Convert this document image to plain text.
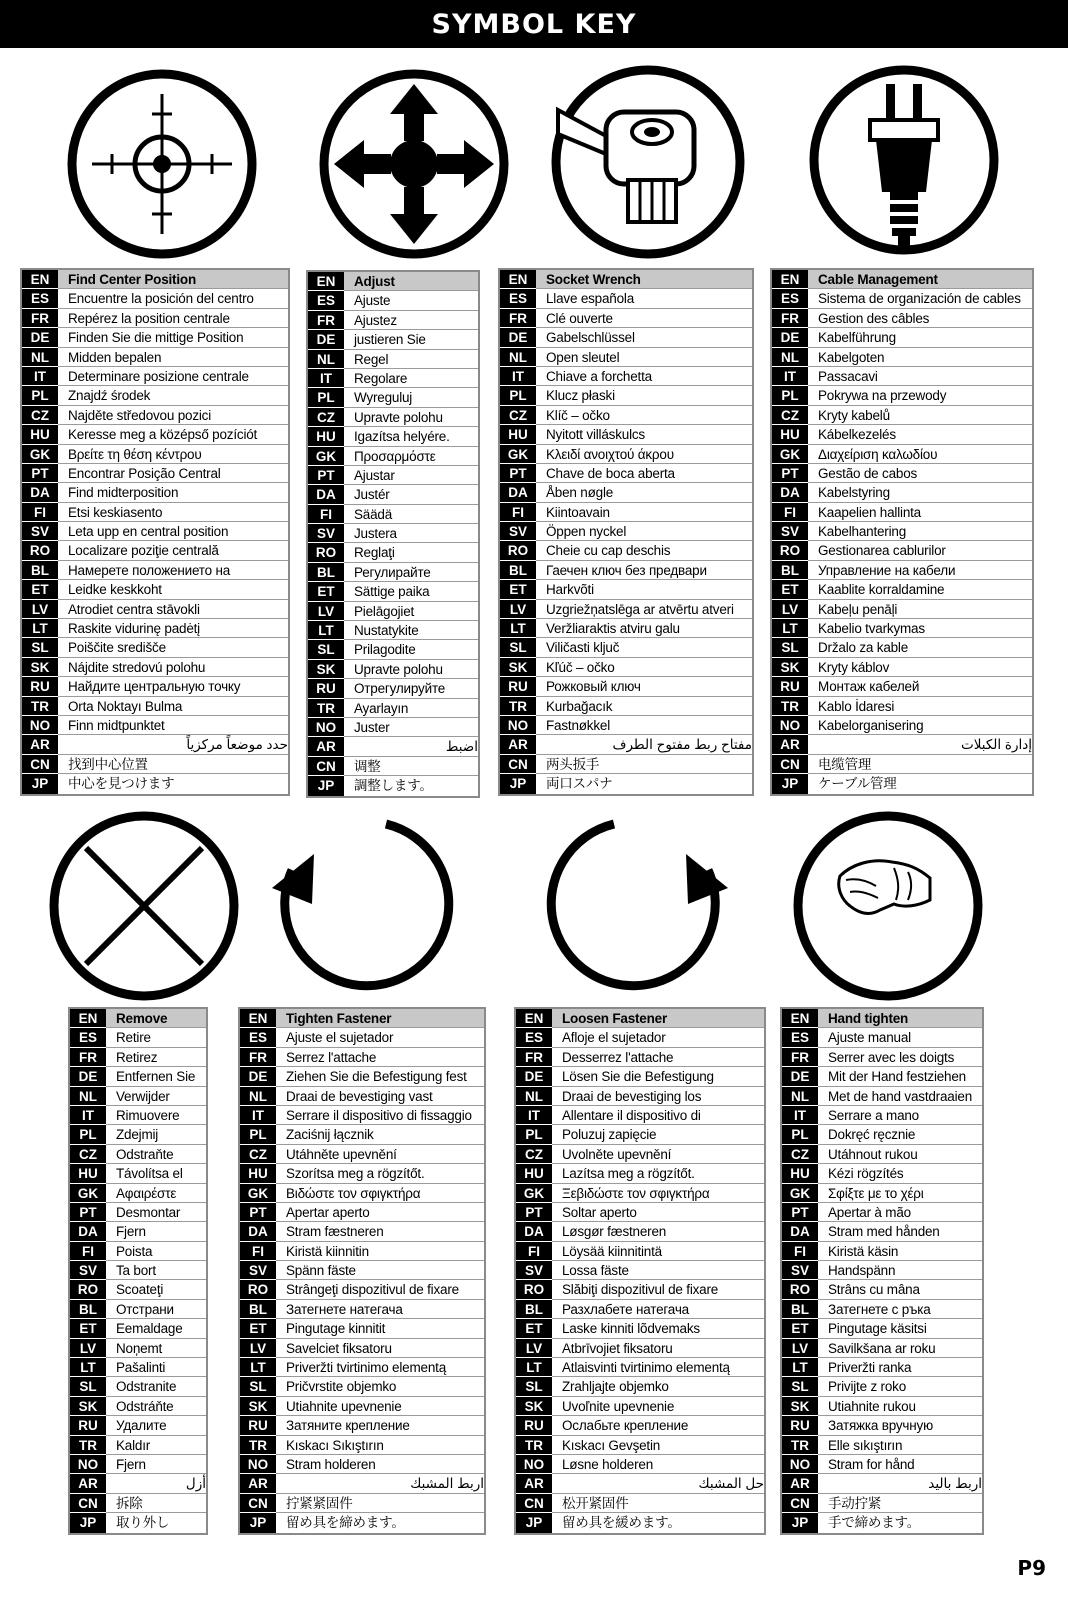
SYMBOL KEY
EN	Find Center Position
ES	Encuentre la posición del centro
FR	Repérez la position centrale
DE	Finden Sie die mittige Position
NL	Midden bepalen
IT	Determinare posizione centrale
PL	Znajdź środek
CZ	Najděte středovou pozici
HU	Keresse meg a középső pozíciót
GK	Βρείτε τη θέση κέντρου
PT	Encontrar Posição Central
DA	Find midterposition
FI	Etsi keskiasento
SV	Leta upp en central position
RO	Localizare poziţie centrală
BL	Намерете положението на
ET	Leidke keskkoht
LV	Atrodiet centra stāvokli
LT	Raskite vidurinę padėtį
SL	Poiščite središče
SK	Nájdite stredovú polohu
RU	Найдите центральную точку
TR	Orta Noktayı Bulma
NO	Finn midtpunktet
AR	حدد موضعاً مركزياً
CN	找到中心位置
JP	中心を見つけます
EN	Adjust
ES	Ajuste
FR	Ajustez
DE	justieren Sie
NL	Regel
IT	Regolare
PL	Wyreguluj
CZ	Upravte polohu
HU	Igazítsa helyére.
GK	Προσαρμόστε
PT	Ajustar
DA	Justér
FI	Säädä
SV	Justera
RO	Reglaţi
BL	Регулирайте
ET	Sättige paika
LV	Pielāgojiet
LT	Nustatykite
SL	Prilagodite
SK	Upravte polohu
RU	Отрегулируйте
TR	Ayarlayın
NO	Juster
AR	اضبط
CN	调整
JP	調整します。
EN	Socket Wrench
ES	Llave española
FR	Clé ouverte
DE	Gabelschlüssel
NL	Open sleutel
IT	Chiave a forchetta
PL	Klucz płaski
CZ	Klíč – očko
HU	Nyitott villáskulcs
GK	Κλειδί ανοιχτού άκρου
PT	Chave de boca aberta
DA	Åben nøgle
FI	Kiintoavain
SV	Öppen nyckel
RO	Cheie cu cap deschis
BL	Гаечен ключ без предвари
ET	Harkvõti
LV	Uzgriežņatslēga ar atvērtu atveri
LT	Veržliaraktis atviru galu
SL	Viličasti ključ
SK	Kľúč – očko
RU	Рожковый ключ
TR	Kurbağacık
NO	Fastnøkkel
AR	مفتاح ربط مفتوح الطرف
CN	两头扳手
JP	両口スパナ
EN	Cable Management
ES	Sistema de organización de cables
FR	Gestion des câbles
DE	Kabelführung
NL	Kabelgoten
IT	Passacavi
PL	Pokrywa na przewody
CZ	Kryty kabelů
HU	Kábelkezelés
GK	Διαχείριση καλωδίου
PT	Gestão de cabos
DA	Kabelstyring
FI	Kaapelien hallinta
SV	Kabelhantering
RO	Gestionarea cablurilor
BL	Управление на кабели
ET	Kaablite korraldamine
LV	Kabeļu penāļi
LT	Kabelio tvarkymas
SL	Držalo za kable
SK	Kryty káblov
RU	Монтаж кабелей
TR	Kablo İdaresi
NO	Kabelorganisering
AR	إدارة الكبلات
CN	电缆管理
JP	ケーブル管理
EN	Remove
ES	Retire
FR	Retirez
DE	Entfernen Sie
NL	Verwijder
IT	Rimuovere
PL	Zdejmij
CZ	Odstraňte
HU	Távolítsa el
GK	Αφαιρέστε
PT	Desmontar
DA	Fjern
FI	Poista
SV	Ta bort
RO	Scoateţi
BL	Отстрани
ET	Eemaldage
LV	Noņemt
LT	Pašalinti
SL	Odstranite
SK	Odstráňte
RU	Удалите
TR	Kaldır
NO	Fjern
AR	أزل
CN	拆除
JP	取り外し
EN	Tighten Fastener
ES	Ajuste el sujetador
FR	Serrez l'attache
DE	Ziehen Sie die Befestigung fest
NL	Draai de bevestiging vast
IT	Serrare il dispositivo di fissaggio
PL	Zaciśnij łącznik
CZ	Utáhněte upevnění
HU	Szorítsa meg a rögzítőt.
GK	Βιδώστε τον σφιγκτήρα
PT	Apertar aperto
DA	Stram fæstneren
FI	Kiristä kiinnitin
SV	Spänn fäste
RO	Strângeţi dispozitivul de fixare
BL	Затегнете натегача
ET	Pingutage kinnitit
LV	Savelciet fiksatoru
LT	Priveržti tvirtinimo elementą
SL	Pričvrstite objemko
SK	Utiahnite upevnenie
RU	Затяните крепление
TR	Kıskacı Sıkıştırın
NO	Stram holderen
AR	اربط المشبك
CN	拧紧紧固件
JP	留め具を締めます。
EN	Loosen Fastener
ES	Afloje el sujetador
FR	Desserrez l'attache
DE	Lösen Sie die Befestigung
NL	Draai de bevestiging los
IT	Allentare il dispositivo di
PL	Poluzuj zapięcie
CZ	Uvolněte upevnění
HU	Lazítsa meg a rögzítőt.
GK	Ξεβιδώστε τον σφιγκτήρα
PT	Soltar aperto
DA	Løsgør fæstneren
FI	Löysää kiinnitintä
SV	Lossa fäste
RO	Slăbiţi dispozitivul de fixare
BL	Разхлабете натегача
ET	Laske kinniti lõdvemaks
LV	Atbrīvojiet fiksatoru
LT	Atlaisvinti tvirtinimo elementą
SL	Zrahljajte objemko
SK	Uvoľnite upevnenie
RU	Ослабьте крепление
TR	Kıskacı Gevşetin
NO	Løsne holderen
AR	حل المشبك
CN	松开紧固件
JP	留め具を緩めます。
EN	Hand tighten
ES	Ajuste manual
FR	Serrer avec les doigts
DE	Mit der Hand festziehen
NL	Met de hand vastdraaien
IT	Serrare a mano
PL	Dokręć ręcznie
CZ	Utáhnout rukou
HU	Kézi rögzítés
GK	Σφίξτε με το χέρι
PT	Apertar à mão
DA	Stram med hånden
FI	Kiristä käsin
SV	Handspänn
RO	Strâns cu mâna
BL	Затегнете с ръка
ET	Pingutage käsitsi
LV	Savilkšana ar roku
LT	Priveržti ranka
SL	Privijte z roko
SK	Utiahnite rukou
RU	Затяжка вручную
TR	Elle sıkıştırın
NO	Stram for hånd
AR	اربط باليد
CN	手动拧紧
JP	手で締めます。
P9
